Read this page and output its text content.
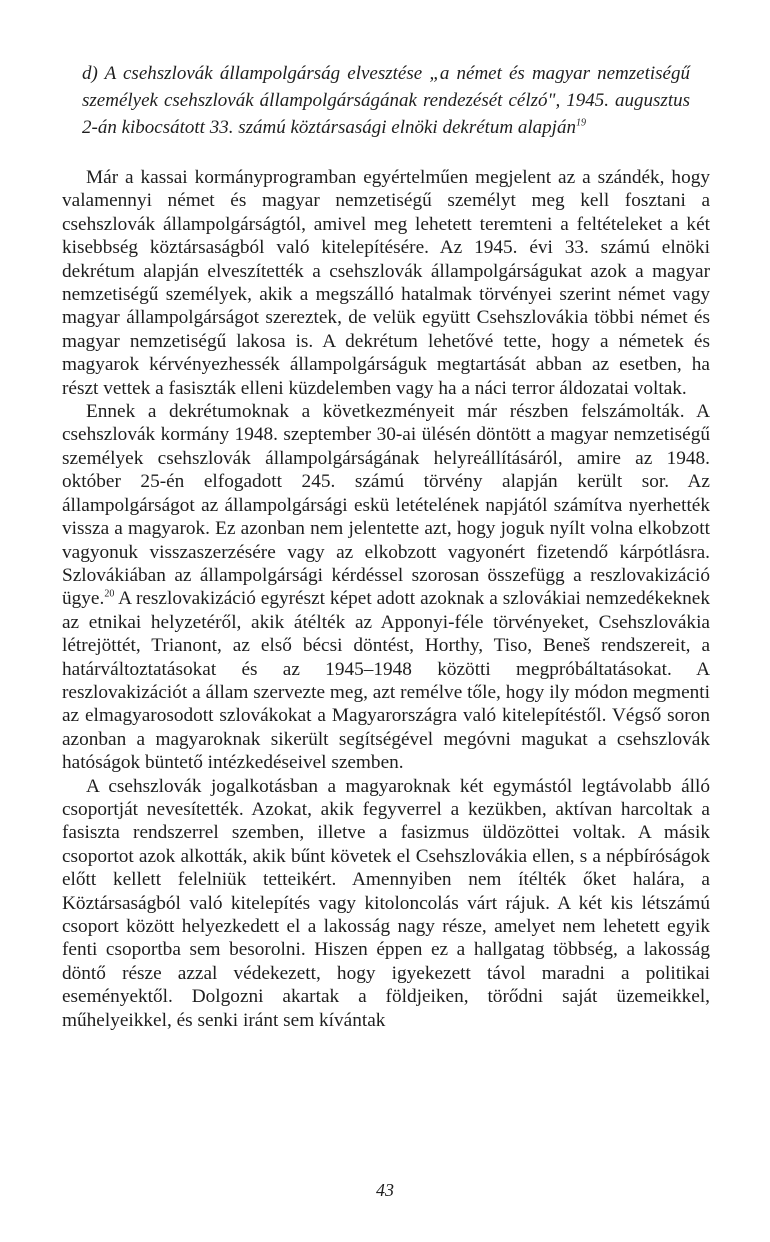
d) A csehszlovák állampolgárság elvesztése „a német és magyar nemzetiségű személyek csehszlovák állampolgárságának rendezését célzó", 1945. augusztus 2-án kibocsátott 33. számú köztársasági elnöki dekrétum alapján$^{19}$

Már a kassai kormányprogramban egyértelműen megjelent az a szándék, hogy valamennyi német és magyar nemzetiségű személyt meg kell fosztani a csehszlovák állampolgárságtól, amivel meg lehetett teremteni a feltételeket a két kisebbség köztársaságból való kitelepítésére. Az 1945. évi 33. számú elnöki dekrétum alapján elveszítették a csehszlovák állampolgárságukat azok a magyar nemzetiségű személyek, akik a megszálló hatalmak törvényei szerint német vagy magyar állampolgárságot szereztek, de velük együtt Csehszlovákia többi német és magyar nemzetiségű lakosa is. A dekrétum lehetővé tette, hogy a németek és magyarok kérvényezhessék állampolgárságuk megtartását abban az esetben, ha részt vettek a fasiszták elleni küzdelemben vagy ha a náci terror áldozatai voltak.

Ennek a dekrétumoknak a következményeit már részben felszámolták. A csehszlovák kormány 1948. szeptember 30-ai ülésén döntött a magyar nemzetiségű személyek csehszlovák állampolgárságának helyreállításáról, amire az 1948. október 25-én elfogadott 245. számú törvény alapján került sor. Az állampolgárságot az állampolgársági eskü letételének napjától számítva nyerhették vissza a magyarok. Ez azonban nem jelentette azt, hogy joguk nyílt volna elkobzott vagyonuk visszaszerzésére vagy az elkobzott vagyonért fizetendő kárpótlásra. Szlovákiában az állampolgársági kérdéssel szorosan összefügg a reszlovakizáció ügye.$^{20}$ A reszlovakizáció egyrészt képet adott azoknak a szlovákiai nemzedékeknek az etnikai helyzetéről, akik átélték az Apponyi-féle törvényeket, Csehszlovákia létrejöttét, Trianont, az első bécsi döntést, Horthy, Tiso, Beneš rendszereit, a határváltoztatásokat és az 1945–1948 közötti megpróbáltatásokat. A reszlovakizációt a állam szervezte meg, azt remélve tőle, hogy ily módon megmenti az elmagyarosodott szlovákokat a Magyarországra való kitelepítéstől. Végső soron azonban a magyaroknak sikerült segítségével megóvni magukat a csehszlovák hatóságok büntető intézkedéseivel szemben.

A csehszlovák jogalkotásban a magyaroknak két egymástól legtávolabb álló csoportját nevesítették. Azokat, akik fegyverrel a kezükben, aktívan harcoltak a fasiszta rendszerrel szemben, illetve a fasizmus üldözöttei voltak. A másik csoportot azok alkották, akik bűnt követek el Csehszlovákia ellen, s a népbíróságok előtt kellett felelniük tetteikért. Amennyiben nem ítélték őket halára, a Köztársaságból való kitelepítés vagy kitoloncolás várt rájuk. A két kis létszámú csoport között helyezkedett el a lakosság nagy része, amelyet nem lehetett egyik fenti csoportba sem besorolni. Hiszen éppen ez a hallgatag többség, a lakosság döntő része azzal védekezett, hogy igyekezett távol maradni a politikai eseményektől. Dolgozni akartak a földjeiken, törődni saját üzemeikkel, műhelyeikkel, és senki iránt sem kívántak

43
